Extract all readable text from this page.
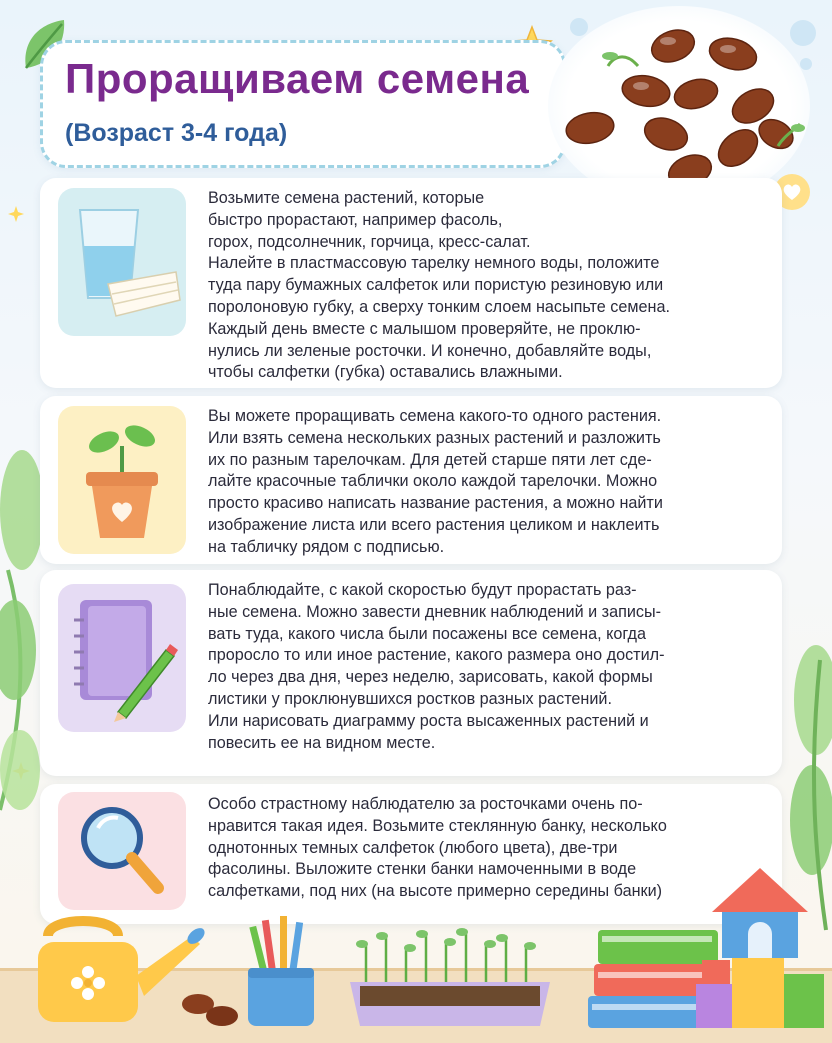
Проращиваем семена
(Возраст 3-4 года)
Возьмите семена растений, которые
быстро прорастают, например фасоль,
горох, подсолнечник, горчица, кресс-салат.
Налейте в пластмассовую тарелку немного воды, положите
туда пару бумажных салфеток или пористую резиновую или
поролоновую губку, а сверху тонким слоем насыпьте семена.
Каждый день вместе с малышом проверяйте, не проклю-
нулись ли зеленые росточки. И конечно, добавляйте воды,
чтобы салфетки (губка) оставались влажными.
Вы можете проращивать семена какого-то одного растения.
Или взять семена нескольких разных растений и разложить
их по разным тарелочкам. Для детей старше пяти лет сде-
лайте красочные таблички около каждой тарелочки. Можно
просто красиво написать название растения, а можно найти
изображение листа или всего растения целиком и наклеить
на табличку рядом с подписью.
Понаблюдайте, с какой скоростью будут прорастать раз-
ные семена. Можно завести дневник наблюдений и записы-
вать туда, какого числа были посажены все семена, когда
проросло то или иное растение, какого размера оно достил-
ло через два дня, через неделю, зарисовать, какой формы
листики у проклюнувшихся ростков разных растений.
Или нарисовать диаграмму роста высаженных растений и
повесить ее на видном месте.
Особо страстному наблюдателю за росточками очень по-
нравится такая идея. Возьмите стеклянную банку, несколько
однотонных темных салфеток (любого цвета), две-три
фасолины. Выложите стенки банки намоченными в воде
салфетками, под них (на высоте примерно середины банки)
